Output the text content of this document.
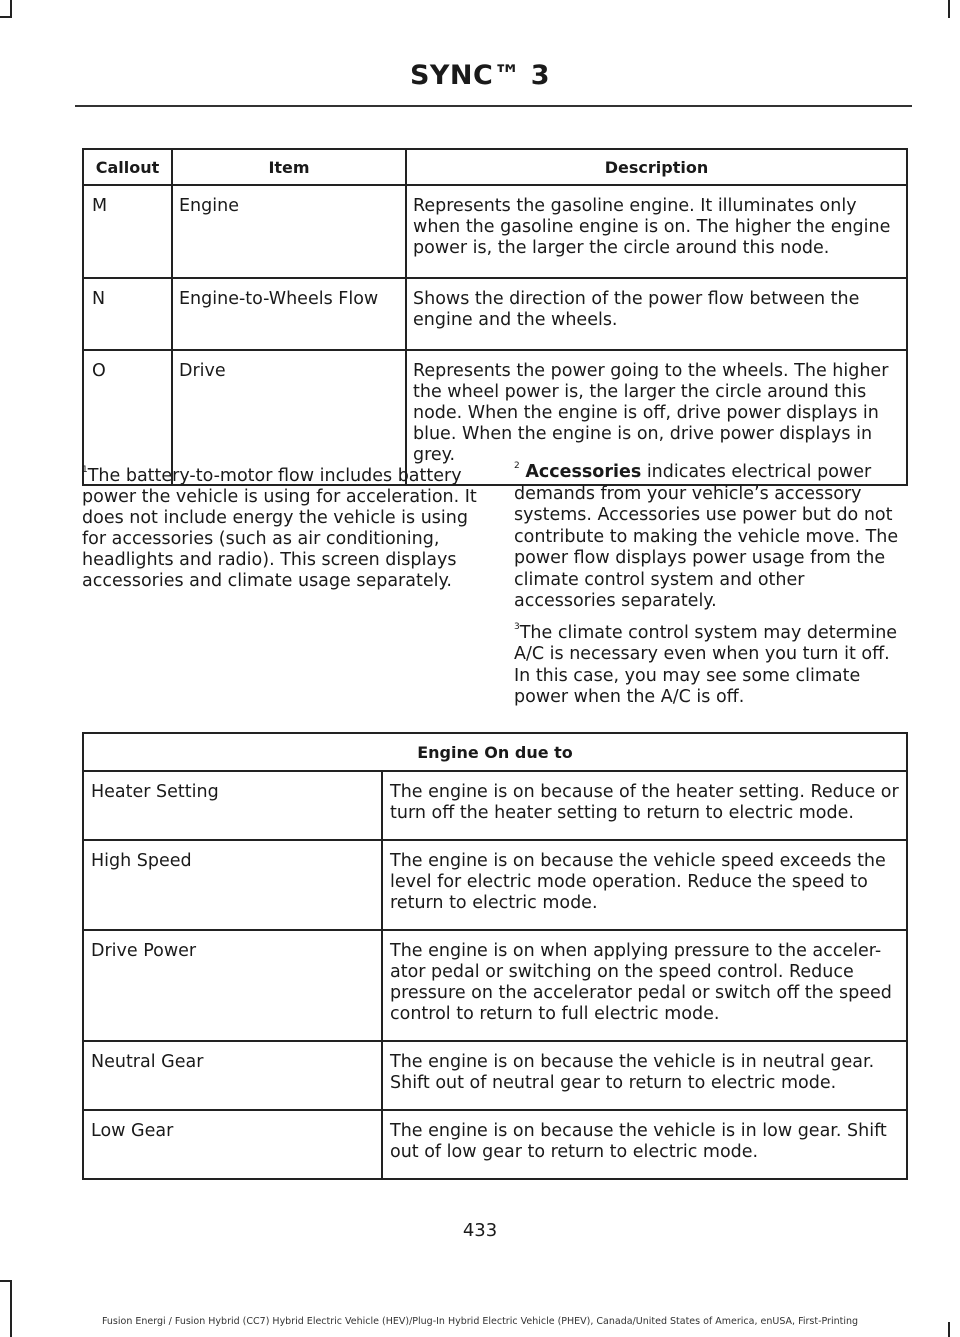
SYNC™ 3
Callout	Item	Description
M	Engine	Represents the gasoline engine. It illuminates only when the gasoline engine is on. The higher the engine power is, the larger the circle around this node.
N	Engine-to-Wheels Flow	Shows the direction of the power flow between the engine and the wheels.
O	Drive	Represents the power going to the wheels. The higher the wheel power is, the larger the circle around this node. When the engine is off, drive power displays in blue. When the engine is on, drive power displays in grey.

$^1$The battery-to-motor flow includes battery power the vehicle is using for acceleration. It does not include energy the vehicle is using for accessories (such as air conditioning, headlights and radio). This screen displays accessories and climate usage separately.

$^2$ Accessories indicates electrical power demands from your vehicle’s accessory systems. Accessories use power but do not contribute to making the vehicle move. The power flow displays power usage from the climate control system and other accessories separately.

$^3$The climate control system may determine A/C is necessary even when you turn it off. In this case, you may see some climate power when the A/C is off.

Engine On due to	
Heater Setting	The engine is on because of the heater setting. Reduce or turn off the heater setting to return to electric mode.
High Speed	The engine is on because the vehicle speed exceeds the level for electric mode operation. Reduce the speed to return to electric mode.
Drive Power	The engine is on when applying pressure to the acceler-ator pedal or switching on the speed control. Reduce pressure on the accelerator pedal or switch off the speed control to return to full electric mode.
Neutral Gear	The engine is on because the vehicle is in neutral gear. Shift out of neutral gear to return to electric mode.
Low Gear	The engine is on because the vehicle is in low gear. Shift out of low gear to return to electric mode.
433
Fusion Energi / Fusion Hybrid (CC7) Hybrid Electric Vehicle (HEV)/Plug-In Hybrid Electric Vehicle (PHEV), Canada/United States of America, enUSA, First-Printing
